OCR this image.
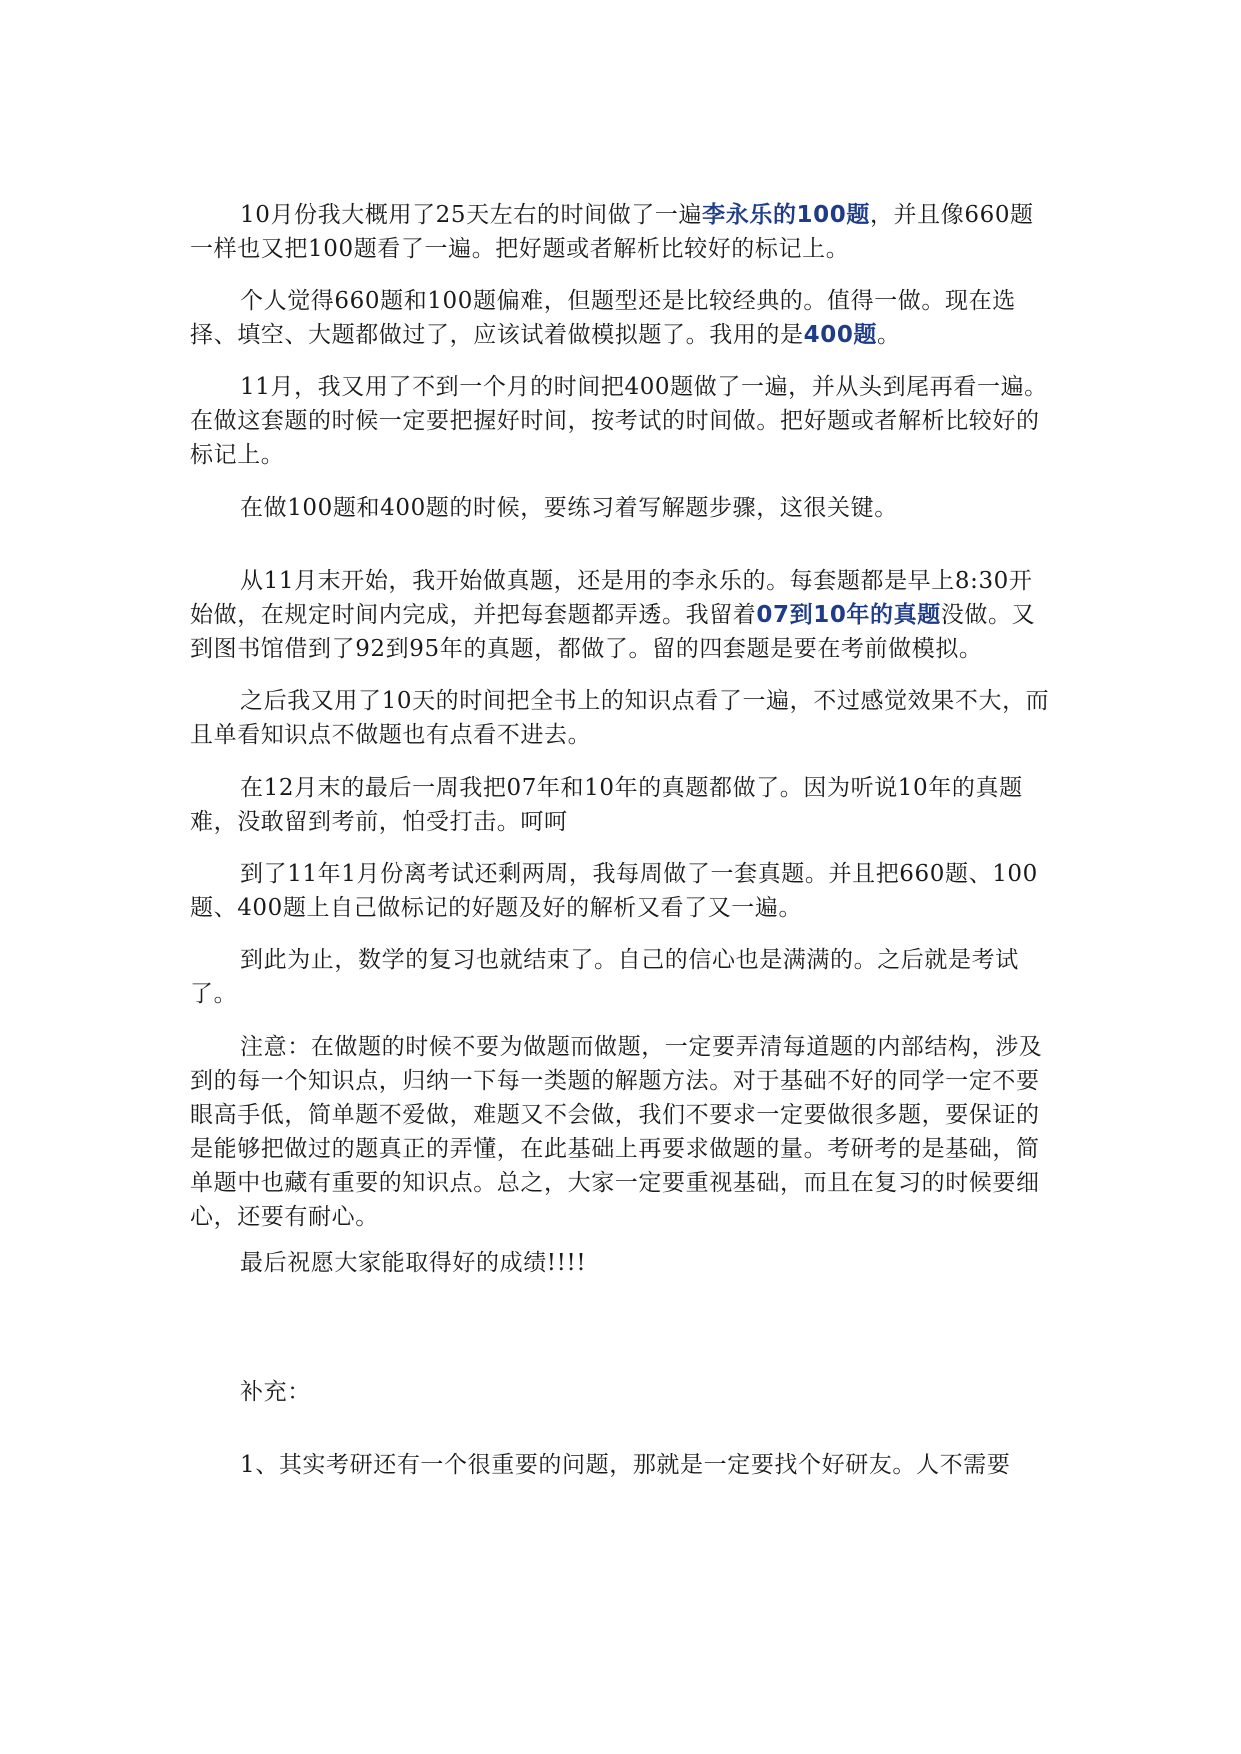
10月份我大概用了25天左右的时间做了一遍李永乐的100题，并且像660题一样也又把100题看了一遍。把好题或者解析比较好的标记上。

个人觉得660题和100题偏难，但题型还是比较经典的。值得一做。现在选择、填空、大题都做过了，应该试着做模拟题了。我用的是400题。

11月，我又用了不到一个月的时间把400题做了一遍，并从头到尾再看一遍。在做这套题的时候一定要把握好时间，按考试的时间做。把好题或者解析比较好的标记上。

在做100题和400题的时候，要练习着写解题步骤，这很关键。

从11月末开始，我开始做真题，还是用的李永乐的。每套题都是早上8:30开始做，在规定时间内完成，并把每套题都弄透。我留着07到10年的真题没做。又到图书馆借到了92到95年的真题，都做了。留的四套题是要在考前做模拟。

之后我又用了10天的时间把全书上的知识点看了一遍，不过感觉效果不大，而且单看知识点不做题也有点看不进去。

在12月末的最后一周我把07年和10年的真题都做了。因为听说10年的真题难，没敢留到考前，怕受打击。呵呵

到了11年1月份离考试还剩两周，我每周做了一套真题。并且把660题、100题、400题上自己做标记的好题及好的解析又看了又一遍。

到此为止，数学的复习也就结束了。自己的信心也是满满的。之后就是考试了。

注意：在做题的时候不要为做题而做题，一定要弄清每道题的内部结构，涉及到的每一个知识点，归纳一下每一类题的解题方法。对于基础不好的同学一定不要眼高手低，简单题不爱做，难题又不会做，我们不要求一定要做很多题，要保证的是能够把做过的题真正的弄懂，在此基础上再要求做题的量。考研考的是基础，简单题中也藏有重要的知识点。总之，大家一定要重视基础，而且在复习的时候要细心，还要有耐心。

最后祝愿大家能取得好的成绩!!!!

补充：

1、其实考研还有一个很重要的问题，那就是一定要找个好研友。人不需要
